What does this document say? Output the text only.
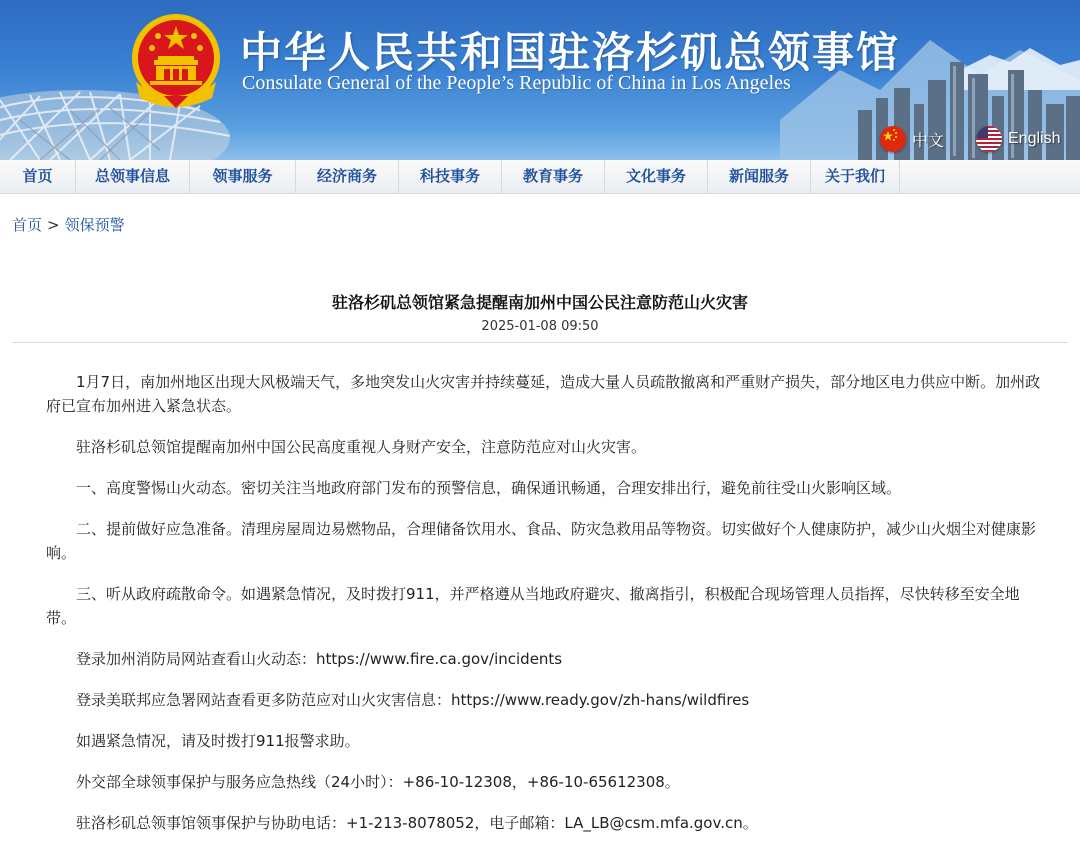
中华人民共和国驻洛杉矶总领事馆
Consulate General of the People’s Republic of China in Los Angeles
中文	English
首页	总领事信息	领事服务	经济商务	科技事务	教育事务	文化事务	新闻服务	关于我们
首页 > 领保预警
驻洛杉矶总领馆紧急提醒南加州中国公民注意防范山火灾害
2025-01-08 09:50

1月7日，南加州地区出现大风极端天气，多地突发山火灾害并持续蔓延，造成大量人员疏散撤离和严重财产损失，部分地区电力供应中断。加州政府已宣布加州进入紧急状态。

驻洛杉矶总领馆提醒南加州中国公民高度重视人身财产安全，注意防范应对山火灾害。

一、高度警惕山火动态。密切关注当地政府部门发布的预警信息，确保通讯畅通，合理安排出行，避免前往受山火影响区域。

二、提前做好应急准备。清理房屋周边易燃物品，合理储备饮用水、食品、防灾急救用品等物资。切实做好个人健康防护，减少山火烟尘对健康影响。

三、听从政府疏散命令。如遇紧急情况，及时拨打911，并严格遵从当地政府避灾、撤离指引，积极配合现场管理人员指挥，尽快转移至安全地带。

登录加州消防局网站查看山火动态：https://www.fire.ca.gov/incidents

登录美联邦应急署网站查看更多防范应对山火灾害信息：https://www.ready.gov/zh-hans/wildfires

如遇紧急情况，请及时拨打911报警求助。

外交部全球领事保护与服务应急热线（24小时）：+86-10-12308，+86-10-65612308。

驻洛杉矶总领事馆领事保护与协助电话：+1-213-8078052，电子邮箱：LA_LB@csm.mfa.gov.cn。
